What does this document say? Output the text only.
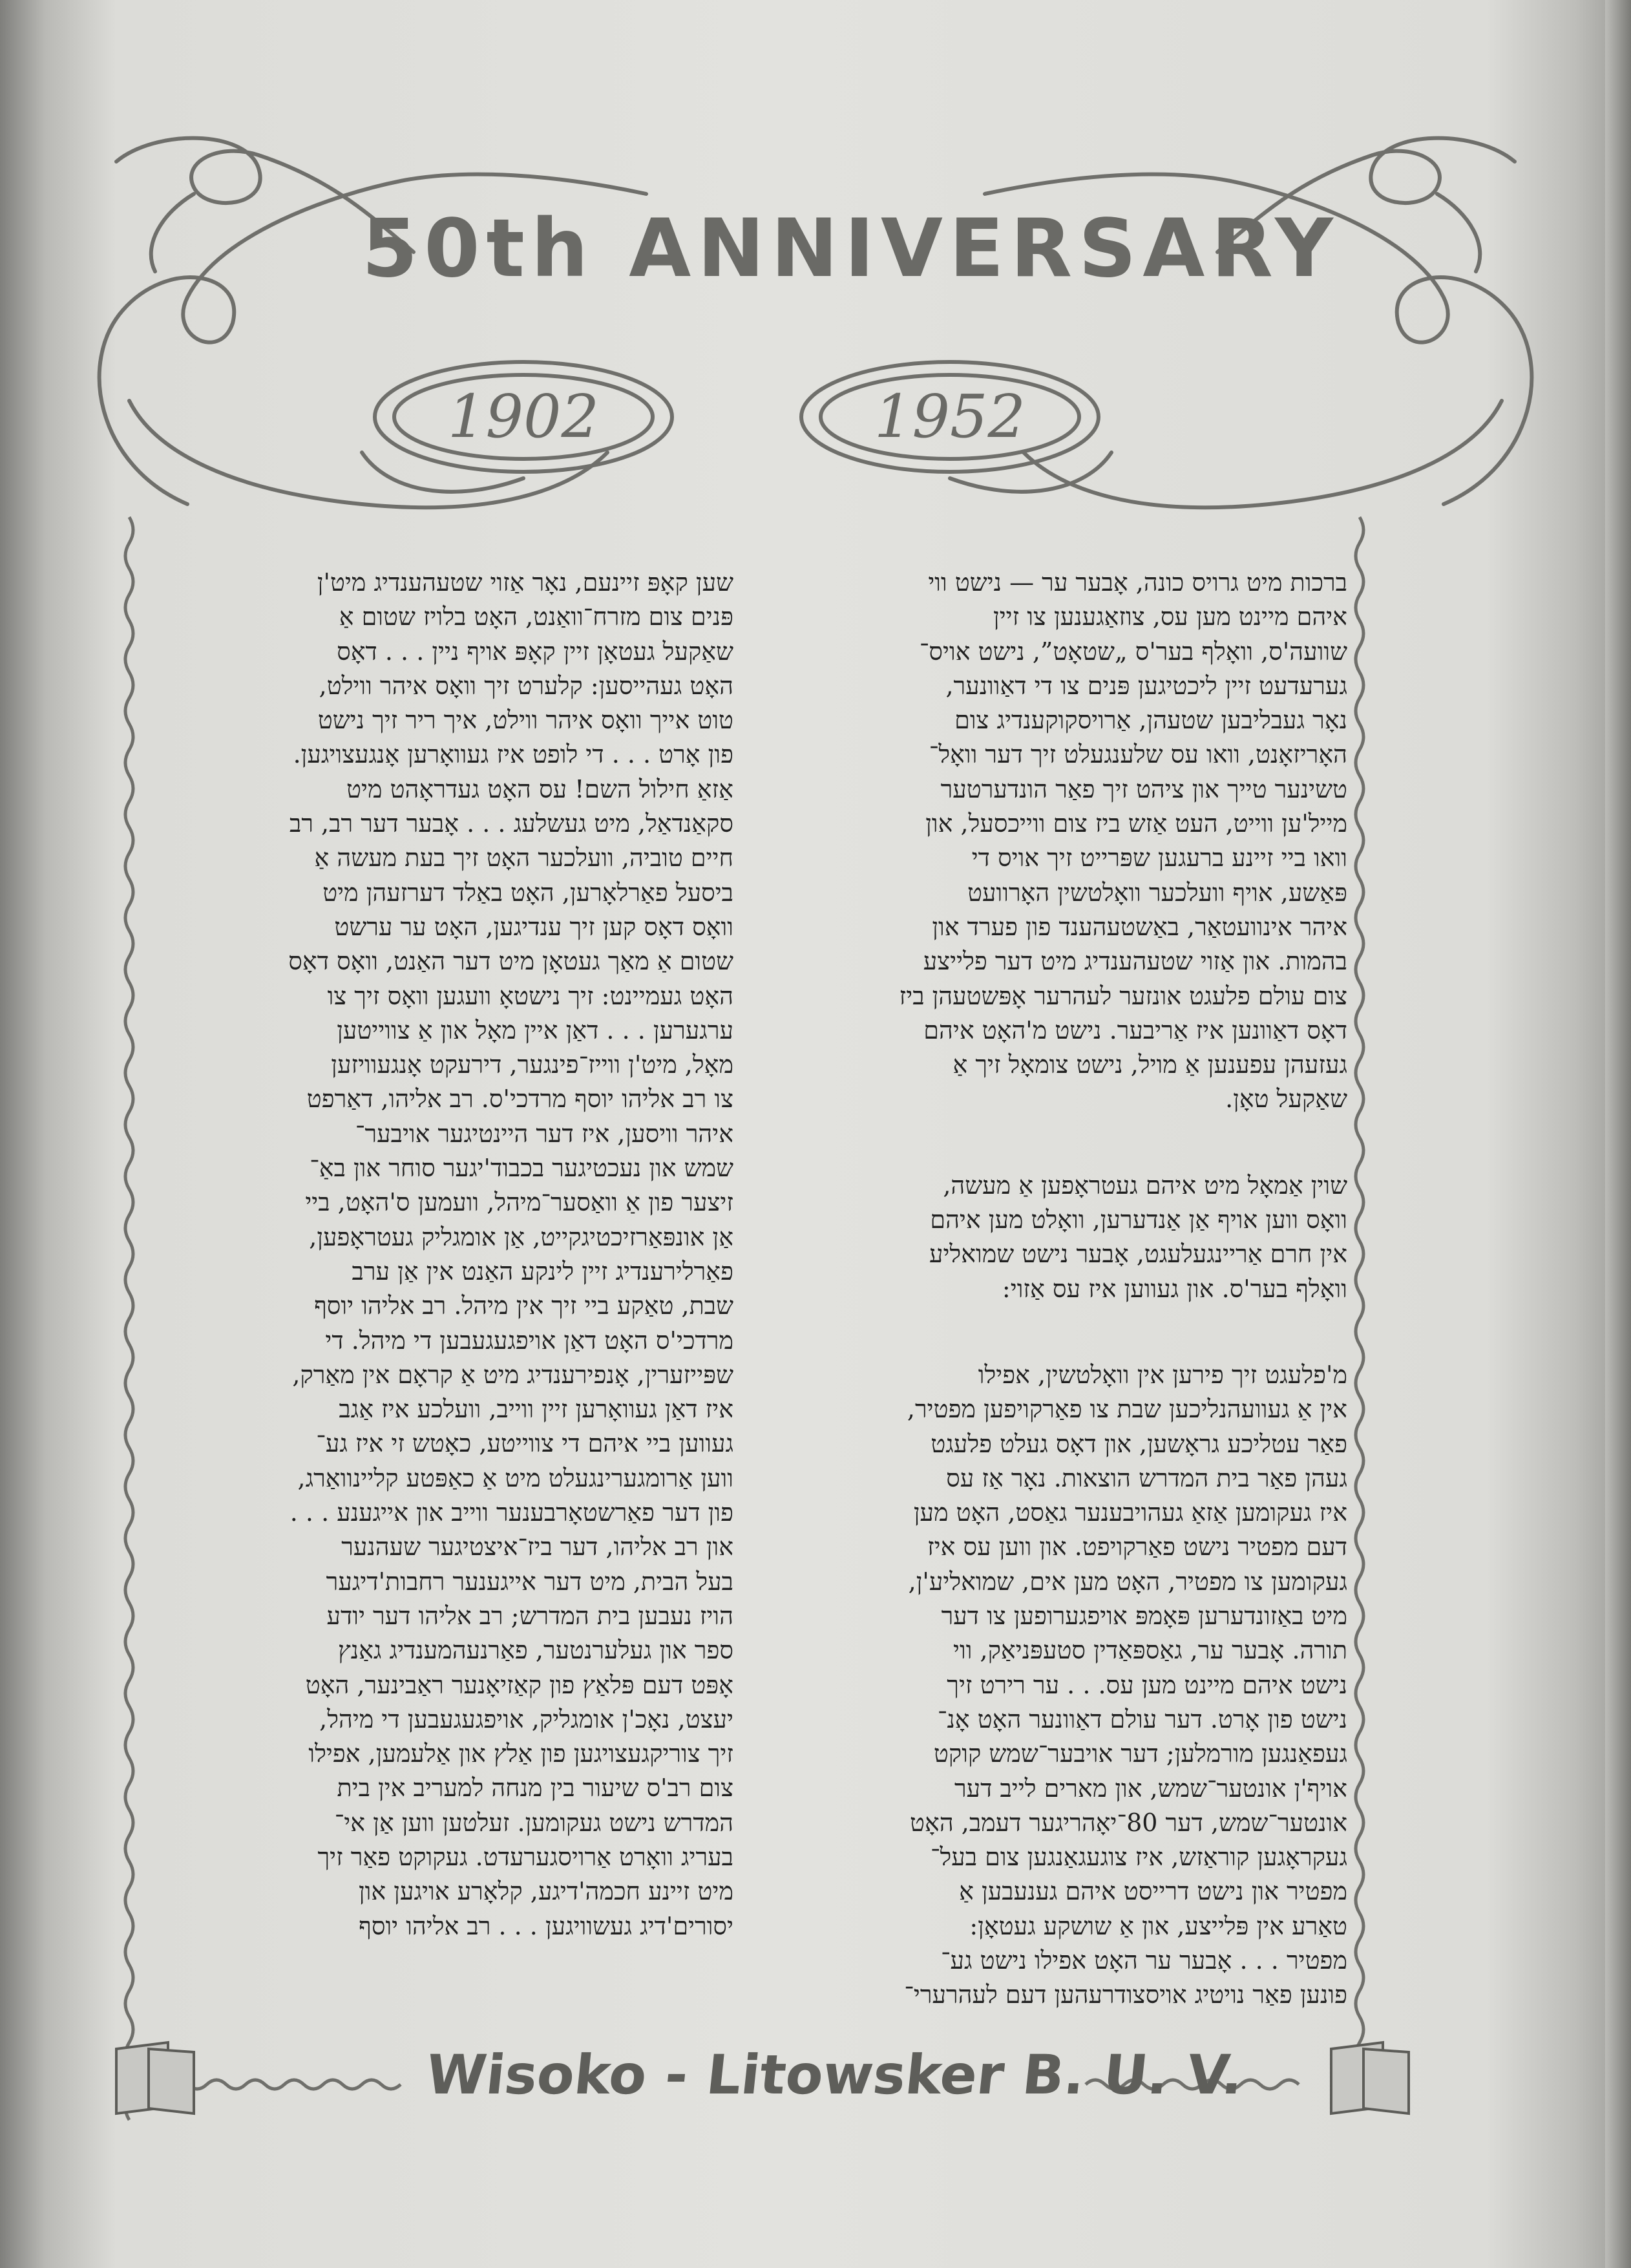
50th ANNIVERSARY
1902	1952
ברכות מיט גרויס כונה, אָבער ער — נישט ווי
איהם מיינט מען עס, צוזאַגענען צו זיין
שוועה'ס, וואָלף בער'ס „שטאָט”, נישט אויס־
גערעדעט זיין ליכטיגען פּנים צו די דאַוונער,
נאָר געבליבען שטעהן, אַרויסקוקענדיג צום
האָריזאָנט, וואו עס שלענגעלט זיך דער וואָל־
טשינער טייך און ציהט זיך פאַר הונדערטער
מייל'ען ווייט, העט אַזש ביז צום ווייכסעל, און
וואו ביי זיינע ברעגען שפּרייט זיך אויס די
פּאַשע, אויף וועלכער וואָלטשין האָרוועט
איהר אינוועטאַר, באַשטעהענד פון פערד און
בהמות. און אַזוי שטעהענדיג מיט דער פלייצע
צום עולם פלעגט אונזער לעהרער אָפּשטעהן ביז
דאָס דאַוונען איז אַריבער. נישט מ'האָט איהם
געזעהן עפענען אַ מויל, נישט צומאָל זיך אַ
שאַקעל טאָן.
שוין אַמאָל מיט איהם געטראָפען אַ מעשה,
וואָס ווען אויף אַן אַנדערען, וואָלט מען איהם
אין חרם אַריינגעלעגט, אָבער נישט שמואליע
וואָלף בער'ס. און געווען איז עס אַזוי:
מ'פלעגט זיך פירען אין וואָלטשין, אפילו
אין אַ געוועהנליכען שבת צו פאַרקויפען מפטיר,
פאַר עטליכע גראָשען, און דאָס געלט פלעגט
געהן פאַר בית המדרש הוצאות. נאָר אַז עס
איז געקומען אַזאַ געהויבענער גאַסט, האָט מען
דעם מפטיר נישט פאַרקויפט. און ווען עס איז
געקומען צו מפטיר, האָט מען אים, שמואליע'ן,
מיט באַזונדערען פּאָמפּ אויפגערופען צו דער
תורה. אָבער ער, גאַספּאַדין סטעפּניאַק, ווי
נישט איהם מיינט מען עס. . . ער רירט זיך
נישט פון אָרט. דער עולם דאַוונער האָט אָנ־
געפאַנגען מורמלען; דער אויבער־שמש קוקט
אויף'ן אונטער־שמש, און מארים לייב דער
אונטער־שמש, דער 80־יאָהריגער דעמב, האָט
געקראָגען קוראַזש, איז צוגעגאַנגען צום בעל־
מפטיר און נישט דרייסט איהם גענעבען אַ
טאַרע אין פּלייצע, און אַ שושקע געטאָן:
מפטיר . . . אָבער ער האָט אפילו נישט גע־
פונען פאַר נויטיג אויסצודרעהען דעם לעהרערי־
שען קאָפּ זיינעם, נאָר אַזוי שטעהענדיג מיט'ן
פּנים צום מזרח־וואַנט, האָט בלויז שטום אַ
שאַקעל געטאָן זיין קאָפּ אויף ניין . . . דאָס
האָט געהייסען: קלערט זיך וואָס איהר ווילט,
טוט אייך וואָס איהר ווילט, איך ריר זיך נישט
פון אָרט . . . די לופט איז געוואָרען אָנגעצויגען.
אַזאַ חילול השם! עס האָט געדראָהט מיט
סקאַנדאַל, מיט געשלעג . . . אָבער דער רב, רב
חיים טוביה, וועלכער האָט זיך בעת מעשה אַ
ביסעל פאַרלאָרען, האָט באַלד דערזעהן מיט
וואָס דאָס קען זיך ענדיגען, האָט ער ערשט
שטום אַ מאַך געטאָן מיט דער האַנט, וואָס דאָס
האָט געמיינט: זיך נישטאָ וועגען וואָס זיך צו
ערגערען . . . דאַן איין מאָל און אַ צווייטען
מאָל, מיט'ן ווייז־פינגער, דירעקט אָנגעוויזען
צו רב אליהו יוסף מרדכי'ס. רב אליהו, דאַרפט
איהר וויסען, איז דער היינטיגער אויבער־
שמש און נעכטיגער בכבוד'יגער סוחר און באַ־
זיצער פון אַ וואַסער־מיהל, וועמען ס'האָט, ביי
אַן אונפּאַרזיכטיגקייט, אַן אומגליק געטראָפען,
פאַרלירענדיג זיין לינקע האַנט אין אַן ערב
שבת, טאַקע ביי זיך אין מיהל. רב אליהו יוסף
מרדכי'ס האָט דאַן אויפגעגעבען די מיהל. די
שפּייזערין, אָנפירענדיג מיט אַ קראָם אין מאַרק,
איז דאַן געוואָרען זיין ווייב, וועלכע איז אַגב
געווען ביי איהם די צווייטע, כאָטש זי איז גע־
ווען אַרומגערינגעלט מיט אַ כאַפּטע קליינוואַרג,
פון דער פאַרשטאָרבענער ווייב און אייגענע . . .
און רב אליהו, דער ביז־איצטיגער שעהנער
בעל הבית, מיט דער אייגענער רחבות'דיגער
הויז נעבען בית המדרש; רב אליהו דער יודע
ספר און געלערנטער, פאַרנעהמענדיג גאַנץ
אָפּט דעם פּלאַץ פון קאַזיאָנער ראַבינער, האָט
יעצט, נאָכ'ן אומגליק, אויפגעגעבען די מיהל,
זיך צוריקגעצויגען פון אַלץ און אַלעמען, אפילו
צום רב'ס שיעור בין מנחה למעריב אין בית
המדרש נישט געקומען. זעלטען ווען אַן אי־
בעריג וואָרט אַרויסגערעדט. געקוקט פאַר זיך
מיט זיינע חכמה'דיגע, קלאָרע אויגען און
יסורים'דיג געשוויגען . . . רב אליהו יוסף
Wisoko - Litowsker B. U. V.
